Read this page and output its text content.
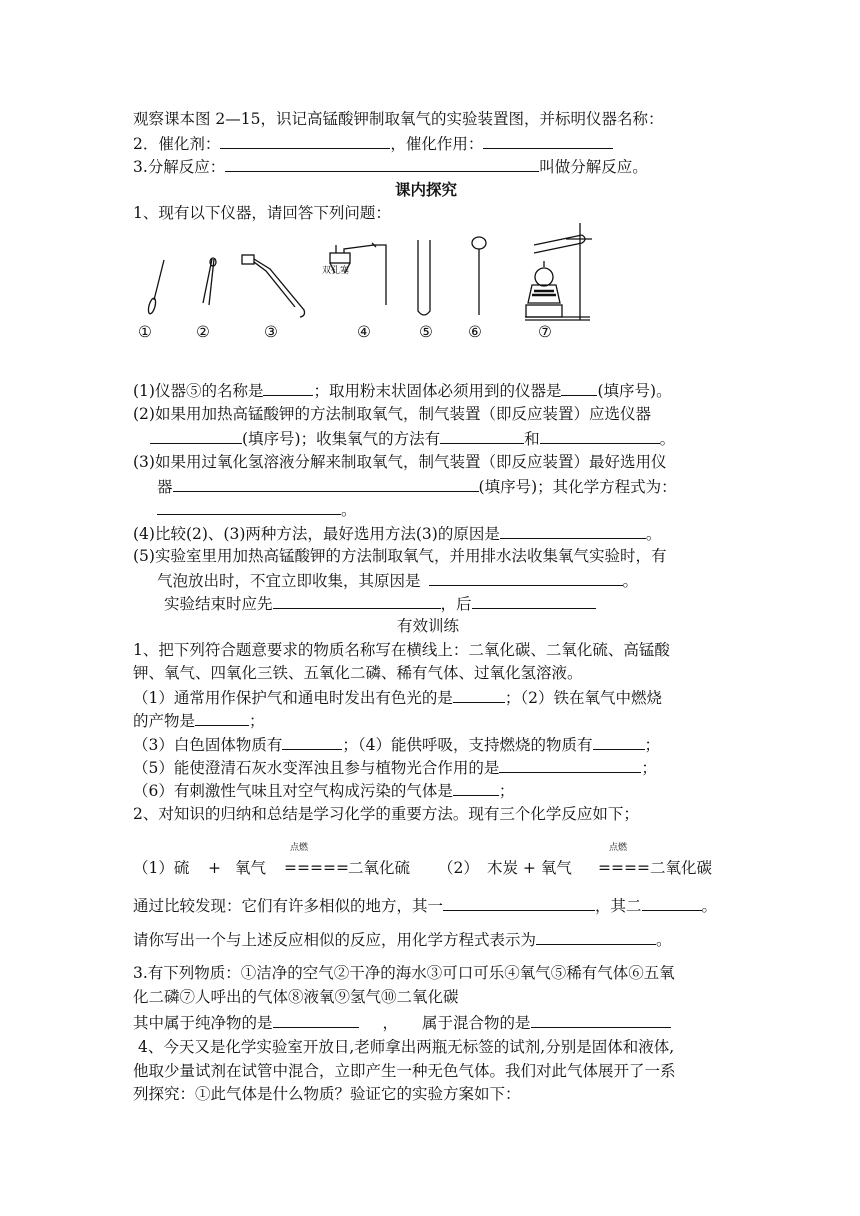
观察课本图 2—15，识记高锰酸钾制取氧气的实验装置图，并标明仪器名称：
2．催化剂：	，催化作用：
3.分解反应：	叫做分解反应。
课内探究
1、现有以下仪器，请回答下列问题：
双孔塞
①	②	③	④	⑤ ⑥	⑦
(1)仪器⑤的名称是	；取用粉末状固体必须用到的仪器是 (填序号)。
(2)如果用加热高锰酸钾的方法制取氧气，制气装置（即反应装置）应选仪器
(填序号)；收集氧气的方法有	和	。
(3)如果用过氧化氢溶液分解来制取氧气，制气装置（即反应装置）最好选用仪
器	(填序号)；其化学方程式为：
。
(4)比较(2)、(3)两种方法，最好选用方法(3)的原因是	。
(5)实验室里用加热高锰酸钾的方法制取氧气，并用排水法收集氧气实验时，有
气泡放出时，不宜立即收集，其原因是	。
实验结束时应先	，后
有效训练
1、把下列符合题意要求的物质名称写在横线上：二氧化碳、二氧化硫、高锰酸
钾、氧气、四氧化三铁、五氧化二磷、稀有气体、过氧化氢溶液。
（1）通常用作保护气和通电时发出有色光的是	；（2）铁在氧气中燃烧
的产物是	；
（3）白色固体物质有	；（4）能供呼吸，支持燃烧的物质有	；
（5）能使澄清石灰水变浑浊且参与植物光合作用的是	；
（6）有刺激性气味且对空气构成污染的气体是	；
2、对知识的归纳和总结是学习化学的重要方法。现有三个化学反应如下；
点燃	点燃
（1）硫 + 氧气 ===== 二氧化硫 （2） 木炭 + 氧气 ==== 二氧化碳
通过比较发现：它们有许多相似的地方，其一	，其二	。
请你写出一个与上述反应相似的反应，用化学方程式表示为	。
3.有下列物质：①洁净的空气②干净的海水③可口可乐④氧气⑤稀有气体⑥五氧
化二磷⑦人呼出的气体⑧液氧⑨氢气⑩二氧化碳
其中属于纯净物的是	， 属于混合物的是
4、今天又是化学实验室开放日,老师拿出两瓶无标签的试剂,分别是固体和液体,
他取少量试剂在试管中混合，立即产生一种无色气体。我们对此气体展开了一系
列探究：①此气体是什么物质？验证它的实验方案如下：
